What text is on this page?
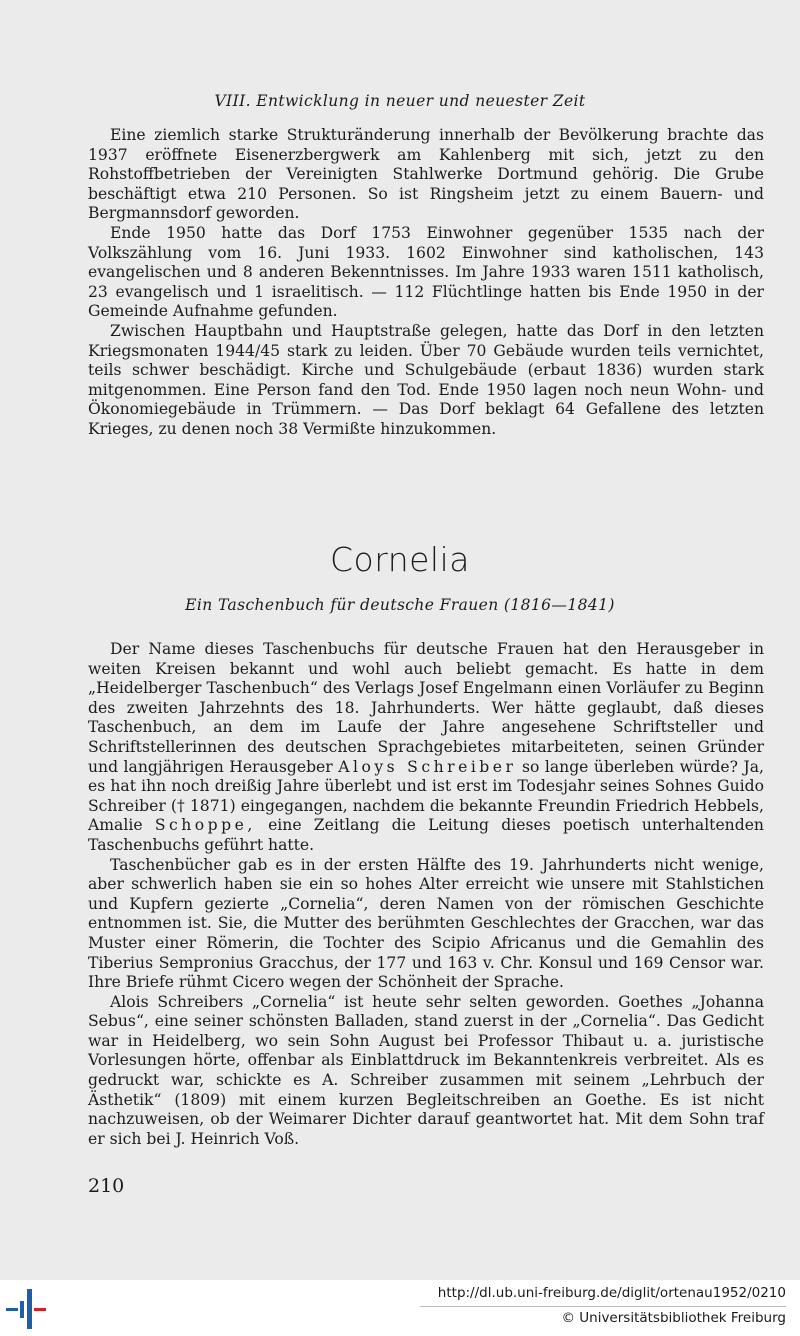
VIII. Entwicklung in neuer und neuester Zeit

Eine ziemlich starke Strukturänderung innerhalb der Bevölkerung brachte das 1937 eröffnete Eisenerzbergwerk am Kahlenberg mit sich, jetzt zu den Rohstoffbetrieben der Vereinigten Stahlwerke Dortmund gehörig. Die Grube beschäftigt etwa 210 Personen. So ist Ringsheim jetzt zu einem Bauern- und Bergmannsdorf geworden.

Ende 1950 hatte das Dorf 1753 Einwohner gegenüber 1535 nach der Volkszählung vom 16. Juni 1933. 1602 Einwohner sind katholischen, 143 evangelischen und 8 anderen Bekenntnisses. Im Jahre 1933 waren 1511 katholisch, 23 evangelisch und 1 israelitisch. — 112 Flüchtlinge hatten bis Ende 1950 in der Gemeinde Aufnahme gefunden.

Zwischen Hauptbahn und Hauptstraße gelegen, hatte das Dorf in den letzten Kriegsmonaten 1944/45 stark zu leiden. Über 70 Gebäude wurden teils vernichtet, teils schwer beschädigt. Kirche und Schulgebäude (erbaut 1836) wurden stark mitgenommen. Eine Person fand den Tod. Ende 1950 lagen noch neun Wohn- und Ökonomiegebäude in Trümmern. — Das Dorf beklagt 64 Gefallene des letzten Krieges, zu denen noch 38 Vermißte hinzukommen.

Cornelia
Ein Taschenbuch für deutsche Frauen (1816—1841)

Der Name dieses Taschenbuchs für deutsche Frauen hat den Herausgeber in weiten Kreisen bekannt und wohl auch beliebt gemacht. Es hatte in dem „Heidelberger Taschenbuch“ des Verlags Josef Engelmann einen Vorläufer zu Beginn des zweiten Jahrzehnts des 18. Jahrhunderts. Wer hätte geglaubt, daß dieses Taschenbuch, an dem im Laufe der Jahre angesehene Schriftsteller und Schriftstellerinnen des deutschen Sprachgebietes mitarbeiteten, seinen Gründer und langjährigen Herausgeber Aloys Schreiber so lange überleben würde? Ja, es hat ihn noch dreißig Jahre überlebt und ist erst im Todesjahr seines Sohnes Guido Schreiber († 1871) eingegangen, nachdem die bekannte Freundin Friedrich Hebbels, Amalie Schoppe, eine Zeitlang die Leitung dieses poetisch unterhaltenden Taschenbuchs geführt hatte.

Taschenbücher gab es in der ersten Hälfte des 19. Jahrhunderts nicht wenige, aber schwerlich haben sie ein so hohes Alter erreicht wie unsere mit Stahlstichen und Kupfern gezierte „Cornelia“, deren Namen von der römischen Geschichte entnommen ist. Sie, die Mutter des berühmten Geschlechtes der Gracchen, war das Muster einer Römerin, die Tochter des Scipio Africanus und die Gemahlin des Tiberius Sempronius Gracchus, der 177 und 163 v. Chr. Konsul und 169 Censor war. Ihre Briefe rühmt Cicero wegen der Schönheit der Sprache.

Alois Schreibers „Cornelia“ ist heute sehr selten geworden. Goethes „Johanna Sebus“, eine seiner schönsten Balladen, stand zuerst in der „Cornelia“. Das Gedicht war in Heidelberg, wo sein Sohn August bei Professor Thibaut u. a. juristische Vorlesungen hörte, offenbar als Einblattdruck im Bekanntenkreis verbreitet. Als es gedruckt war, schickte es A. Schreiber zusammen mit seinem „Lehrbuch der Ästhetik“ (1809) mit einem kurzen Begleitschreiben an Goethe. Es ist nicht nachzuweisen, ob der Weimarer Dichter darauf geantwortet hat. Mit dem Sohn traf er sich bei J. Heinrich Voß.

210
http://dl.ub.uni-freiburg.de/diglit/ortenau1952/0210
© Universitätsbibliothek Freiburg
